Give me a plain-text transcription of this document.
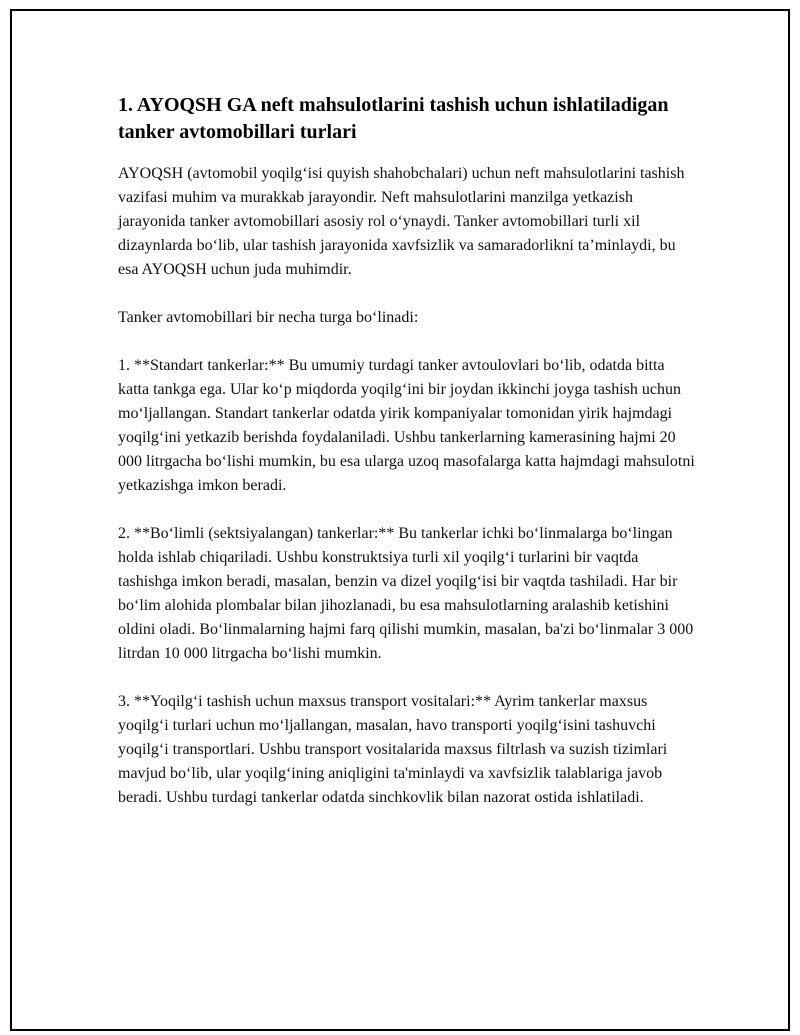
1. AYOQSH GA neft mahsulotlarini tashish uchun ishlatiladigan tanker avtomobillari turlari

AYOQSH (avtomobil yoqilg‘isi quyish shahobchalari) uchun neft mahsulotlarini tashish vazifasi muhim va murakkab jarayondir. Neft mahsulotlarini manzilga yetkazish jarayonida tanker avtomobillari asosiy rol o‘ynaydi. Tanker avtomobillari turli xil dizaynlarda bo‘lib, ular tashish jarayonida xavfsizlik va samaradorlikni ta’minlaydi, bu esa AYOQSH uchun juda muhimdir.

Tanker avtomobillari bir necha turga bo‘linadi:

1. **Standart tankerlar:** Bu umumiy turdagi tanker avtoulovlari bo‘lib, odatda bitta katta tankga ega. Ular ko‘p miqdorda yoqilg‘ini bir joydan ikkinchi joyga tashish uchun mo‘ljallangan. Standart tankerlar odatda yirik kompaniyalar tomonidan yirik hajmdagi yoqilg‘ini yetkazib berishda foydalaniladi. Ushbu tankerlarning kamerasining hajmi 20 000 litrgacha bo‘lishi mumkin, bu esa ularga uzoq masofalarga katta hajmdagi mahsulotni yetkazishga imkon beradi.

2. **Bo‘limli (sektsiyalangan) tankerlar:** Bu tankerlar ichki bo‘linmalarga bo‘lingan holda ishlab chiqariladi. Ushbu konstruktsiya turli xil yoqilg‘i turlarini bir vaqtda tashishga imkon beradi, masalan, benzin va dizel yoqilg‘isi bir vaqtda tashiladi. Har bir bo‘lim alohida plombalar bilan jihozlanadi, bu esa mahsulotlarning aralashib ketishini oldini oladi. Bo‘linmalarning hajmi farq qilishi mumkin, masalan, ba'zi bo‘linmalar 3 000 litrdan 10 000 litrgacha bo‘lishi mumkin.

3. **Yoqilg‘i tashish uchun maxsus transport vositalari:** Ayrim tankerlar maxsus yoqilg‘i turlari uchun mo‘ljallangan, masalan, havo transporti yoqilg‘isini tashuvchi yoqilg‘i transportlari. Ushbu transport vositalarida maxsus filtrlash va suzish tizimlari mavjud bo‘lib, ular yoqilg‘ining aniqligini ta'minlaydi va xavfsizlik talablariga javob beradi. Ushbu turdagi tankerlar odatda sinchkovlik bilan nazorat ostida ishlatiladi.
